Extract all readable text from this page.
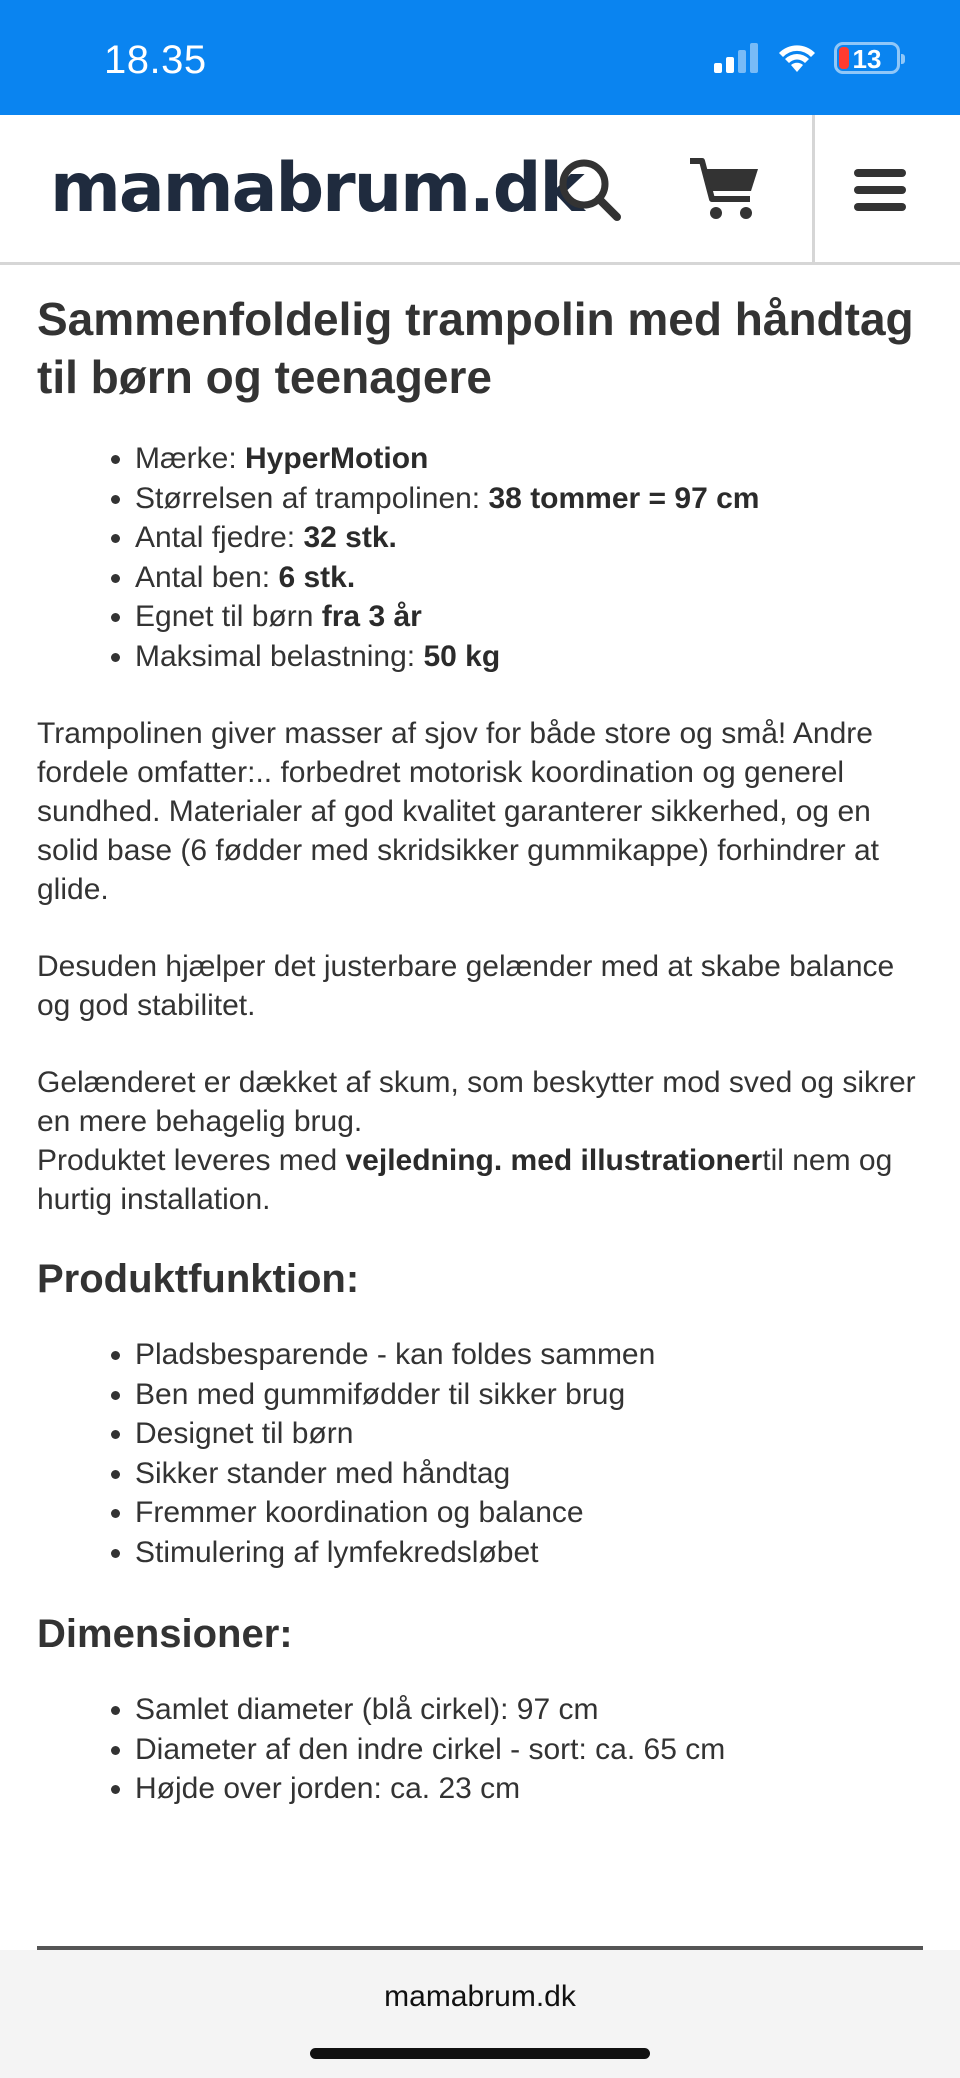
18.35	13
mamabrum.dk
Sammenfoldelig trampolin med håndtag til børn og teenagere
• Mærke: HyperMotion
• Størrelsen af trampolinen: 38 tommer = 97 cm
• Antal fjedre: 32 stk.
• Antal ben: 6 stk.
• Egnet til børn fra 3 år
• Maksimal belastning: 50 kg

Trampolinen giver masser af sjov for både store og små! Andre fordele omfatter:.. forbedret motorisk koordination og generel sundhed. Materialer af god kvalitet garanterer sikkerhed, og en solid base (6 fødder med skridsikker gummikappe) forhindrer at glide.

Desuden hjælper det justerbare gelænder med at skabe balance og god stabilitet.

Gelænderet er dækket af skum, som beskytter mod sved og sikrer en mere behagelig brug.
Produktet leveres med vejledning. med illustrationertil nem og hurtig installation.

Produktfunktion:
• Pladsbesparende - kan foldes sammen
• Ben med gummifødder til sikker brug
• Designet til børn
• Sikker stander med håndtag
• Fremmer koordination og balance
• Stimulering af lymfekredsløbet
Dimensioner:
• Samlet diameter (blå cirkel): 97 cm
• Diameter af den indre cirkel - sort: ca. 65 cm
• Højde over jorden: ca. 23 cm
mamabrum.dk
